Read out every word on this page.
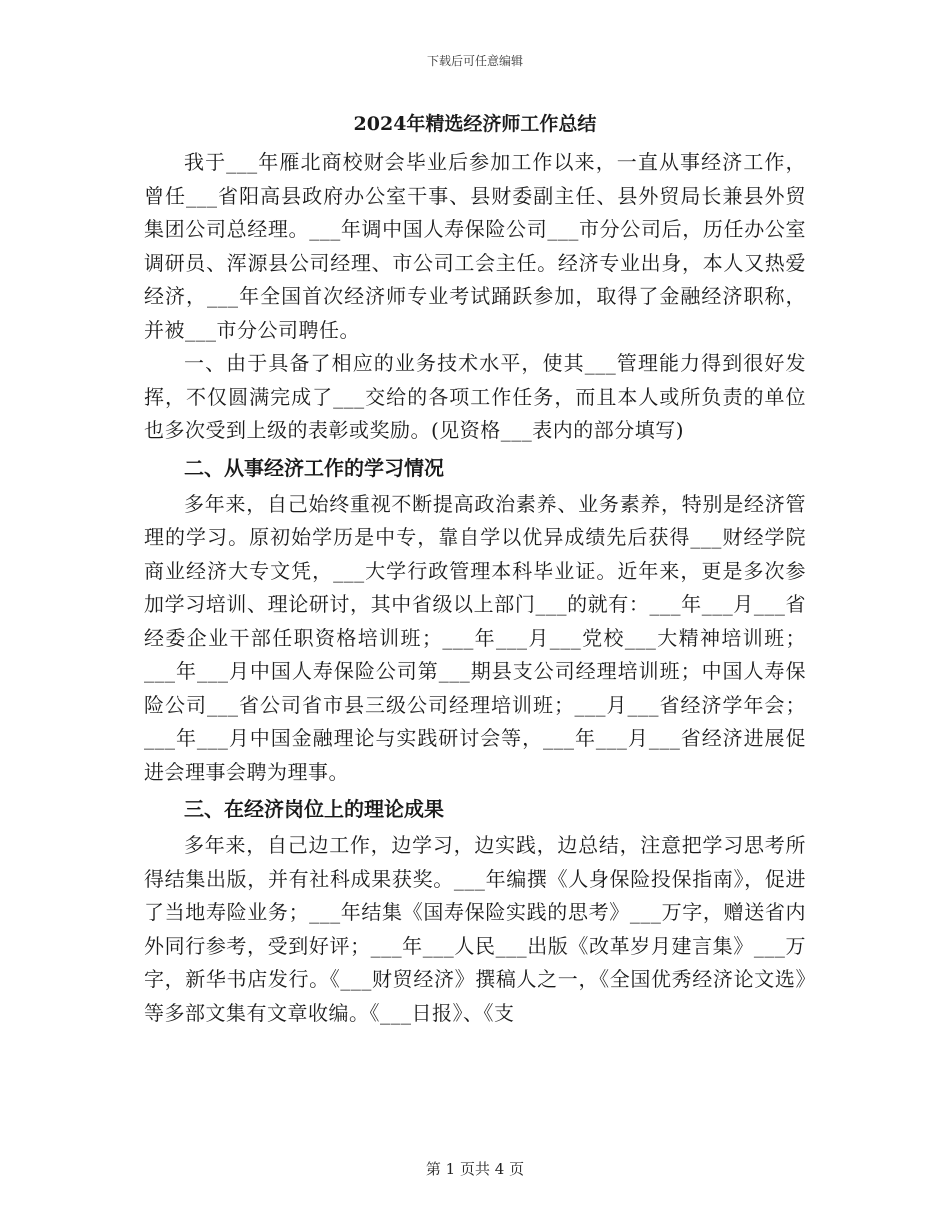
下载后可任意编辑
2024年精选经济师工作总结

我于___年雁北商校财会毕业后参加工作以来，一直从事经济工作，曾任___省阳高县政府办公室干事、县财委副主任、县外贸局长兼县外贸集团公司总经理。___年调中国人寿保险公司___市分公司后，历任办公室调研员、浑源县公司经理、市公司工会主任。经济专业出身，本人又热爱经济，___年全国首次经济师专业考试踊跃参加，取得了金融经济职称，并被___市分公司聘任。

一、由于具备了相应的业务技术水平，使其___管理能力得到很好发挥，不仅圆满完成了___交给的各项工作任务，而且本人或所负责的单位也多次受到上级的表彰或奖励。(见资格___表内的部分填写)

二、从事经济工作的学习情况

多年来，自己始终重视不断提高政治素养、业务素养，特别是经济管理的学习。原初始学历是中专，靠自学以优异成绩先后获得___财经学院商业经济大专文凭，___大学行政管理本科毕业证。近年来，更是多次参加学习培训、理论研讨，其中省级以上部门___的就有：___年___月___省经委企业干部任职资格培训班；___年___月___党校___大精神培训班；___年___月中国人寿保险公司第___期县支公司经理培训班；中国人寿保险公司___省公司省市县三级公司经理培训班；___月___省经济学年会；___年___月中国金融理论与实践研讨会等，___年___月___省经济进展促进会理事会聘为理事。

三、在经济岗位上的理论成果

多年来，自己边工作，边学习，边实践，边总结，注意把学习思考所得结集出版，并有社科成果获奖。___年编撰《人身保险投保指南》，促进了当地寿险业务；___年结集《国寿保险实践的思考》___万字，赠送省内外同行参考，受到好评；___年___人民___出版《改革岁月建言集》___万字，新华书店发行。《___财贸经济》撰稿人之一，《全国优秀经济论文选》等多部文集有文章收编。《___日报》、《支

第 1 页共 4 页
